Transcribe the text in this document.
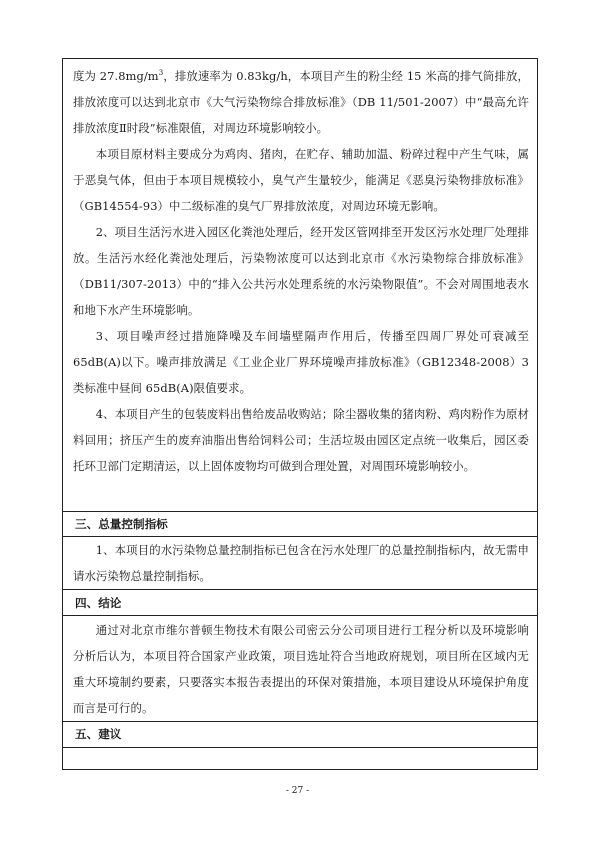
度为 $27.8mg/m^3$，排放速率为 0.83kg/h，本项目产生的粉尘经 15 米高的排气筒排放，排放浓度可以达到北京市《大气污染物综合排放标准》（DB 11/501-2007）中“最高允许排放浓度Ⅱ时段”标准限值，对周边环境影响较小。

本项目原材料主要成分为鸡肉、猪肉，在贮存、辅助加温、粉碎过程中产生气味，属于恶臭气体，但由于本项目规模较小，臭气产生量较少，能满足《恶臭污染物排放标准》（GB14554-93）中二级标准的臭气厂界排放浓度，对周边环境无影响。

2、项目生活污水进入园区化粪池处理后，经开发区管网排至开发区污水处理厂处理排放。生活污水经化粪池处理后，污染物浓度可以达到北京市《水污染物综合排放标准》（DB11/307-2013）中的“排入公共污水处理系统的水污染物限值”。不会对周围地表水和地下水产生环境影响。

3、项目噪声经过措施降噪及车间墙壁隔声作用后，传播至四周厂界处可衰减至65dB(A)以下。噪声排放满足《工业企业厂界环境噪声排放标准》（GB12348-2008）3类标准中昼间 65dB(A)限值要求。

4、本项目产生的包装废料出售给废品收购站；除尘器收集的猪肉粉、鸡肉粉作为原材料回用；挤压产生的废弃油脂出售给饲料公司；生活垃圾由园区定点统一收集后，园区委托环卫部门定期清运，以上固体废物均可做到合理处置，对周围环境影响较小。

三、总量控制指标

1、本项目的水污染物总量控制指标已包含在污水处理厂的总量控制指标内，故无需申请水污染物总量控制指标。

四、结论

通过对北京市维尔普顿生物技术有限公司密云分公司项目进行工程分析以及环境影响分析后认为，本项目符合国家产业政策，项目选址符合当地政府规划，项目所在区域内无重大环境制约要素，只要落实本报告表提出的环保对策措施，本项目建设从环境保护角度而言是可行的。

五、建议
- 27 -
